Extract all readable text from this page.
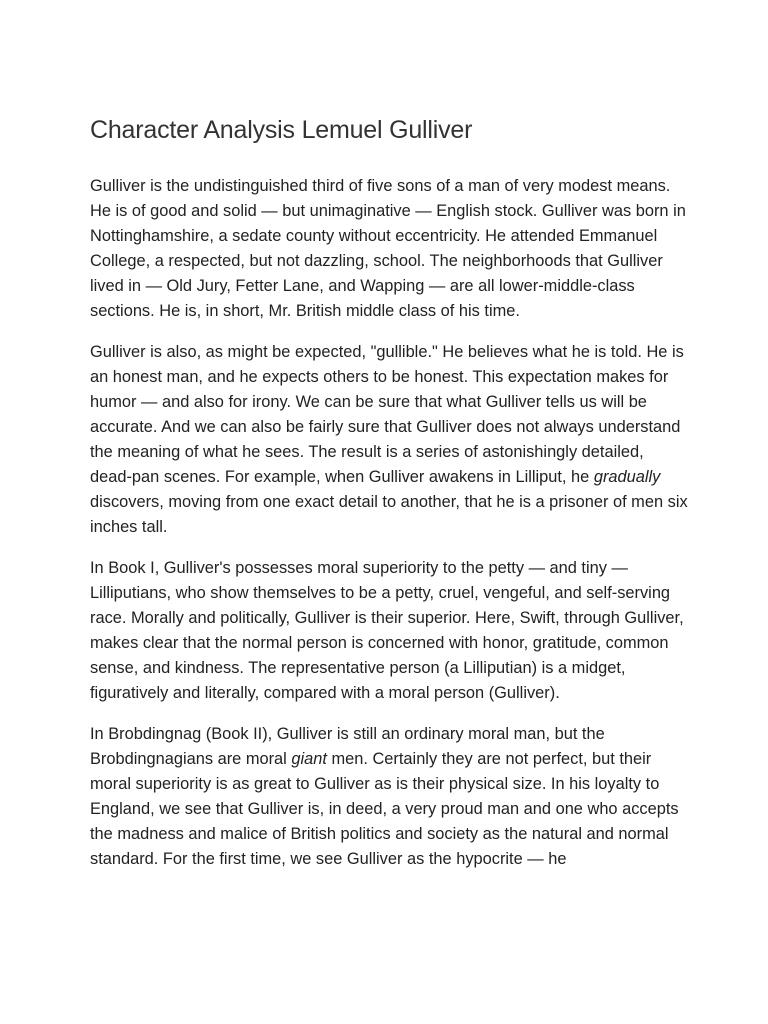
Character Analysis Lemuel Gulliver

Gulliver is the undistinguished third of five sons of a man of very modest means. He is of good and solid — but unimaginative — English stock. Gulliver was born in Nottinghamshire, a sedate county without eccentricity. He attended Emmanuel College, a respected, but not dazzling, school. The neighborhoods that Gulliver lived in — Old Jury, Fetter Lane, and Wapping — are all lower-middle-class sections. He is, in short, Mr. British middle class of his time.

Gulliver is also, as might be expected, "gullible." He believes what he is told. He is an honest man, and he expects others to be honest. This expectation makes for humor — and also for irony. We can be sure that what Gulliver tells us will be accurate. And we can also be fairly sure that Gulliver does not always understand the meaning of what he sees. The result is a series of astonishingly detailed, dead-pan scenes. For example, when Gulliver awakens in Lilliput, he gradually discovers, moving from one exact detail to another, that he is a prisoner of men six inches tall.

In Book I, Gulliver's possesses moral superiority to the petty — and tiny — Lilliputians, who show themselves to be a petty, cruel, vengeful, and self-serving race. Morally and politically, Gulliver is their superior. Here, Swift, through Gulliver, makes clear that the normal person is concerned with honor, gratitude, common sense, and kindness. The representative person (a Lilliputian) is a midget, figuratively and literally, compared with a moral person (Gulliver).

In Brobdingnag (Book II), Gulliver is still an ordinary moral man, but the Brobdingnagians are moral giant men. Certainly they are not perfect, but their moral superiority is as great to Gulliver as is their physical size. In his loyalty to England, we see that Gulliver is, in deed, a very proud man and one who accepts the madness and malice of British politics and society as the natural and normal standard. For the first time, we see Gulliver as the hypocrite — he
